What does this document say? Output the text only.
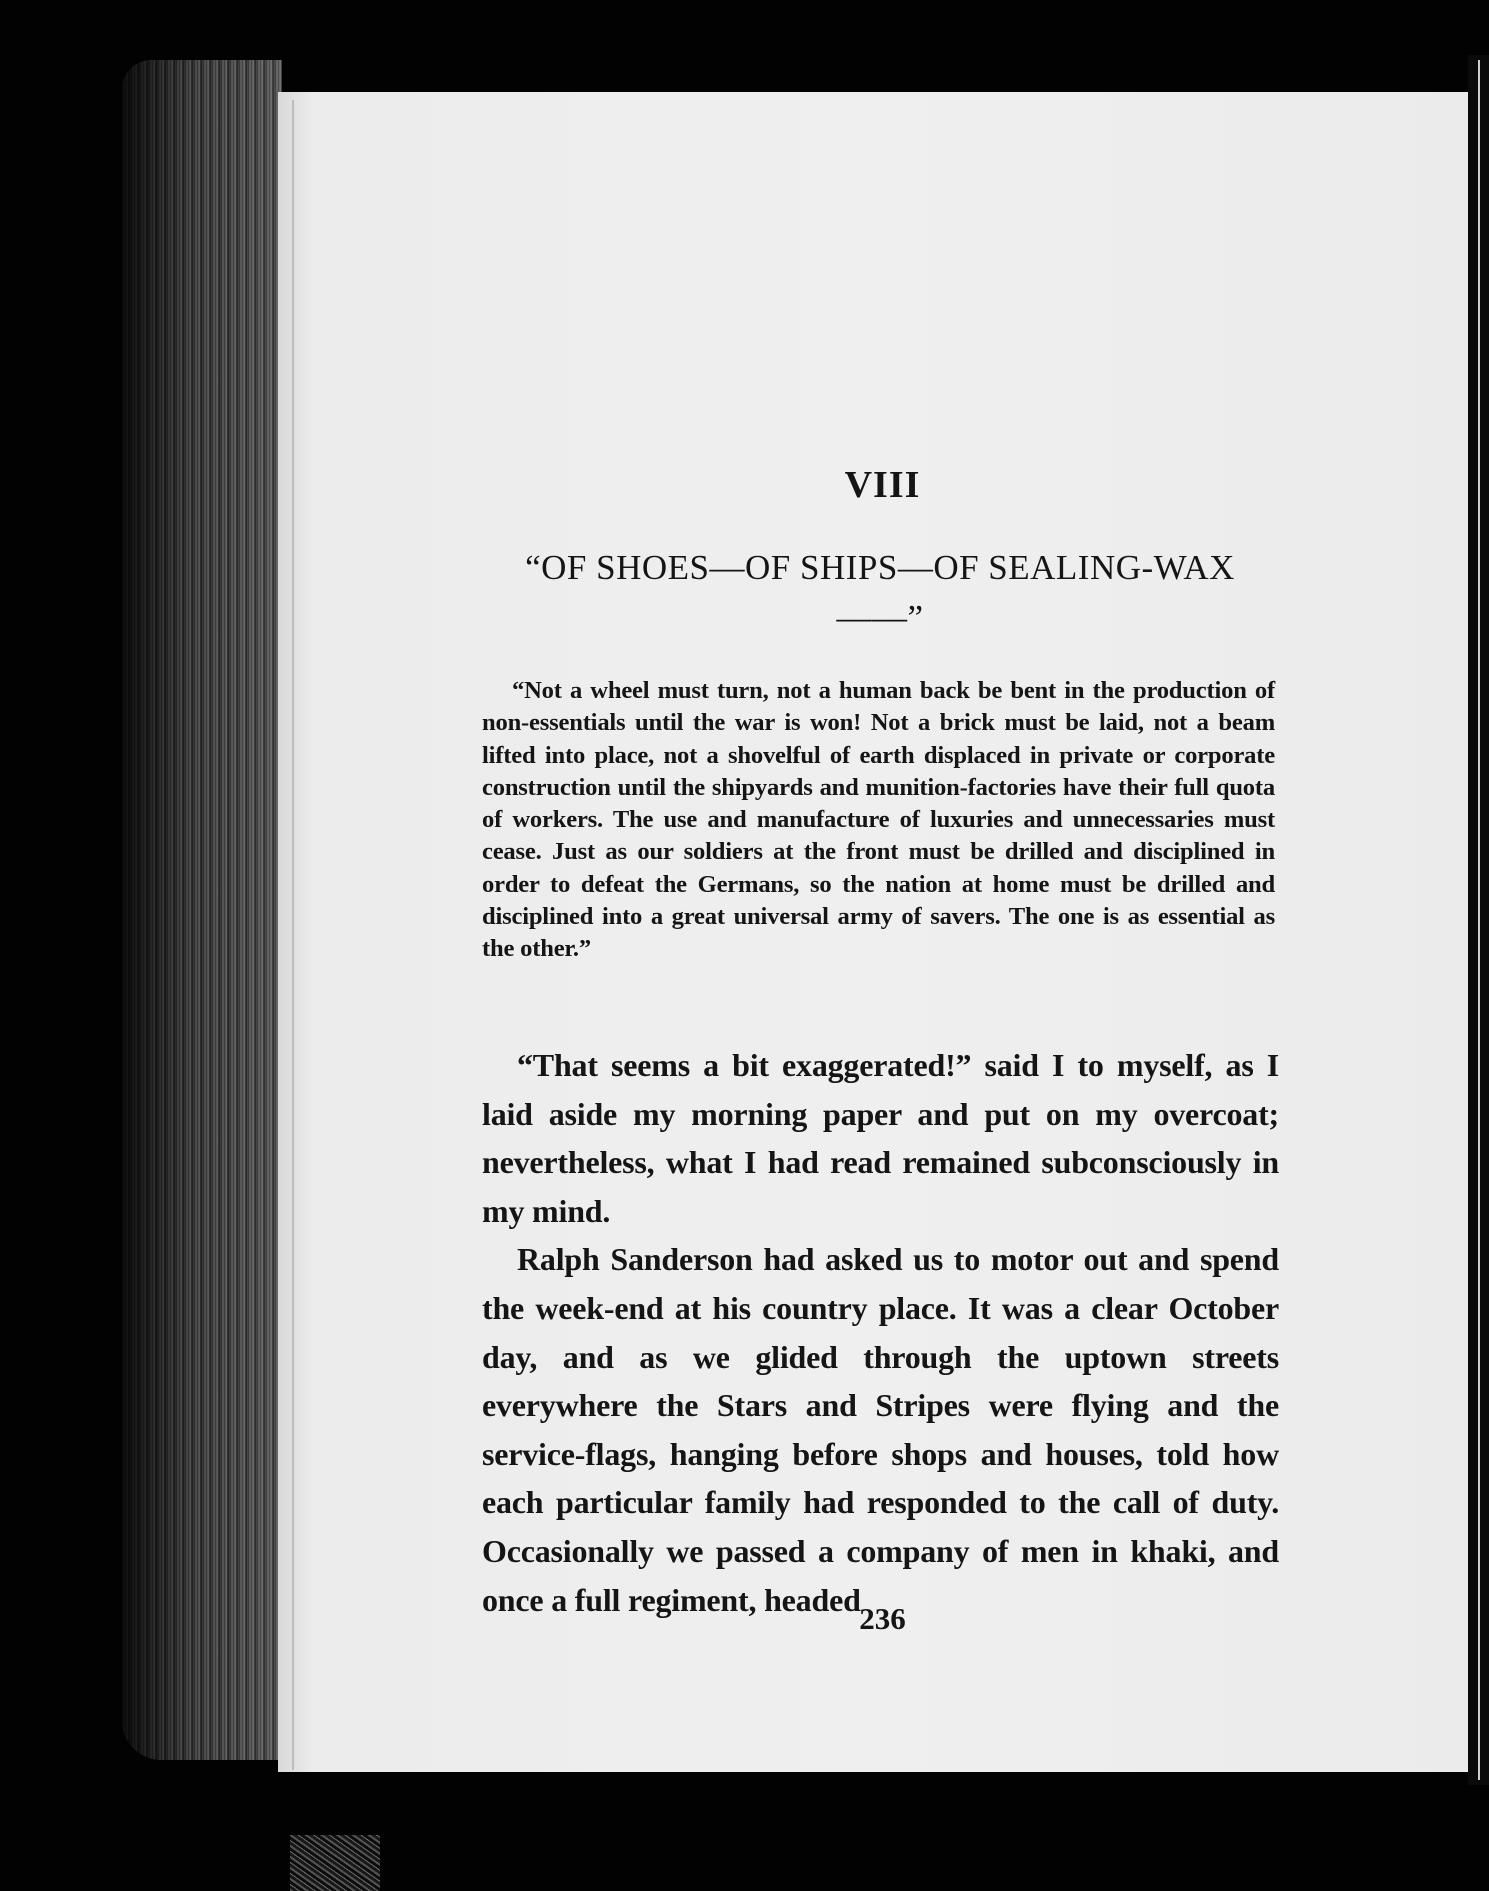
VIII
“OF SHOES—OF SHIPS—OF SEALING-WAX——”

“Not a wheel must turn, not a human back be bent in the production of non-essentials until the war is won! Not a brick must be laid, not a beam lifted into place, not a shovelful of earth displaced in private or corporate construction until the shipyards and munition-factories have their full quota of workers. The use and manufacture of luxuries and unnecessaries must cease. Just as our soldiers at the front must be drilled and disciplined in order to defeat the Germans, so the nation at home must be drilled and disciplined into a great universal army of savers. The one is as essential as the other.”

“That seems a bit exaggerated!” said I to myself, as I laid aside my morning paper and put on my overcoat; nevertheless, what I had read remained subconsciously in my mind.

Ralph Sanderson had asked us to motor out and spend the week-end at his country place. It was a clear October day, and as we glided through the uptown streets everywhere the Stars and Stripes were flying and the service-flags, hanging before shops and houses, told how each particular family had responded to the call of duty. Occasionally we passed a company of men in khaki, and once a full regiment, headed

236
